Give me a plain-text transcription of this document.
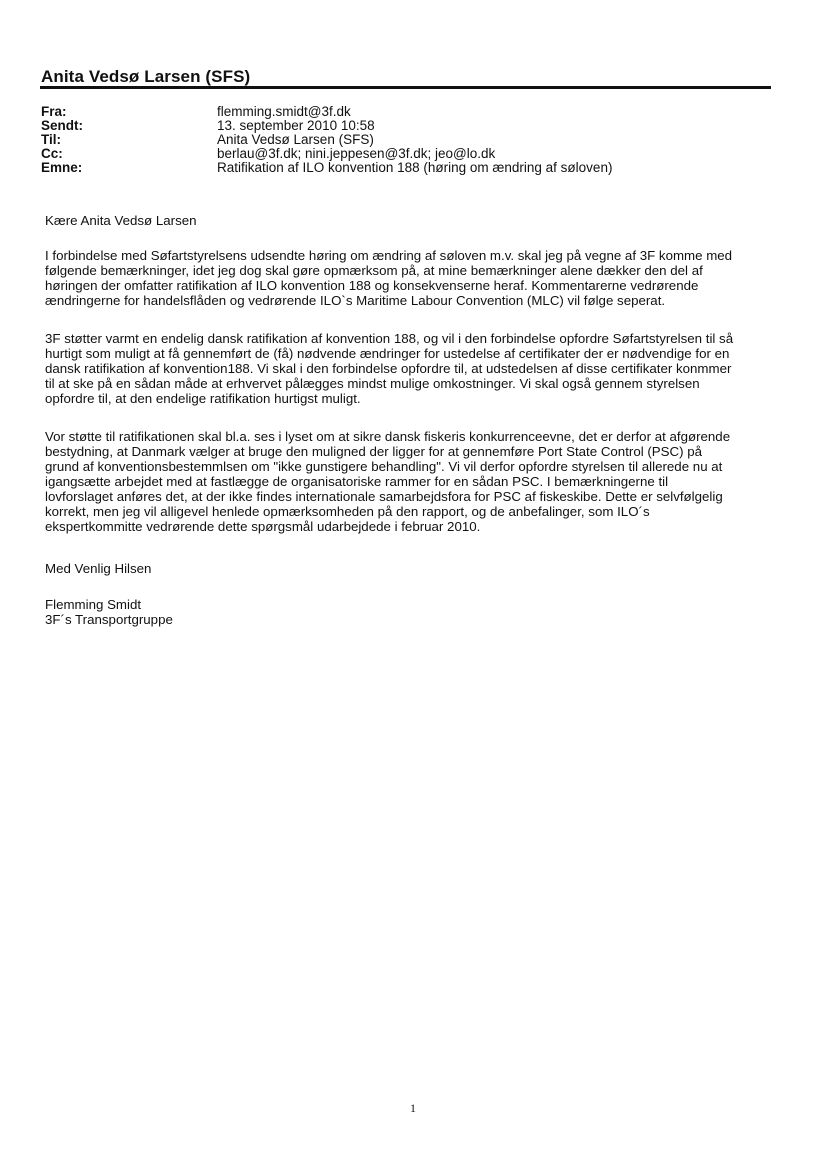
Anita Vedsø Larsen (SFS)
Fra:	flemming.smidt@3f.dk
Sendt:	13. september 2010 10:58
Til:	Anita Vedsø Larsen (SFS)
Cc:	berlau@3f.dk; nini.jeppesen@3f.dk; jeo@lo.dk
Emne:	Ratifikation af ILO konvention 188 (høring om ændring af søloven)
Kære Anita Vedsø Larsen
I forbindelse med Søfartstyrelsens udsendte høring om ændring af søloven m.v. skal jeg på vegne af 3F komme med
følgende bemærkninger, idet jeg dog skal gøre opmærksom på, at mine bemærkninger alene dækker den del af
høringen der omfatter ratifikation af ILO konvention 188 og konsekvenserne heraf. Kommentarerne vedrørende
ændringerne for handelsflåden og vedrørende ILO`s Maritime Labour Convention (MLC) vil følge seperat.
3F støtter varmt en endelig dansk ratifikation af konvention 188, og vil i den forbindelse opfordre Søfartstyrelsen til så
hurtigt som muligt at få gennemført de (få) nødvende ændringer for ustedelse af certifikater der er nødvendige for en
dansk ratifikation af konvention188. Vi skal i den forbindelse opfordre til, at udstedelsen af disse certifikater konmmer
til at ske på en sådan måde at erhvervet pålægges mindst mulige omkostninger. Vi skal også gennem styrelsen
opfordre til, at den endelige ratifikation hurtigst muligt.
Vor støtte til ratifikationen skal bl.a. ses i lyset om at sikre dansk fiskeris konkurrenceevne, det er derfor at afgørende
bestydning, at Danmark vælger at bruge den muligned der ligger for at gennemføre Port State Control (PSC) på
grund af konventionsbestemmlsen om "ikke gunstigere behandling". Vi vil derfor opfordre styrelsen til allerede nu at
igangsætte arbejdet med at fastlægge de organisatoriske rammer for en sådan PSC. I bemærkningerne til
lovforslaget anføres det, at der ikke findes internationale samarbejdsfora for PSC af fiskeskibe. Dette er selvfølgelig
korrekt, men jeg vil alligevel henlede opmærksomheden på den rapport, og de anbefalinger, som ILO´s
ekspertkommitte vedrørende dette spørgsmål udarbejdede i februar 2010.
Med Venlig Hilsen
Flemming Smidt
3F´s Transportgruppe
1
